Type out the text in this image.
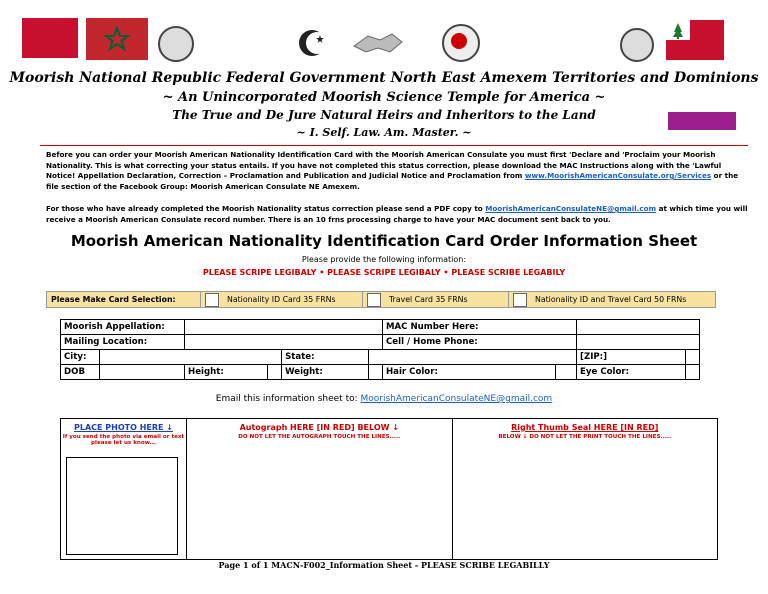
Moorish National Republic Federal Government North East Amexem Territories and Dominions
~ An Unincorporated Moorish Science Temple for America ~
The True and De Jure Natural Heirs and Inheritors to the Land
~ I. Self. Law. Am. Master. ~
Before you can order your Moorish American Nationality Identification Card with the Moorish American Consulate you must first 'Declare and 'Proclaim your Moorish Nationality. This is what correcting your status entails. If you have not completed this status correction, please download the MAC Instructions along with the 'Lawful Notice! Appellation Declaration, Correction – Proclamation and Publication and Judicial Notice and Proclamation from www.MoorishAmericanConsulate.org/Services or the file section of the Facebook Group: Moorish American Consulate NE Amexem.
For those who have already completed the Moorish Nationality status correction please send a PDF copy to MoorishAmericanConsulateNE@gmail.com at which time you will receive a Moorish American Consulate record number. There is an 10 frns processing charge to have your MAC document sent back to you.
Moorish American Nationality Identification Card Order Information Sheet
Please provide the following information:
PLEASE SCRIPE LEGIBALY • PLEASE SCRIPE LEGIBALY • PLEASE SCRIBE LEGABILY
Please Make Card Selection:	Nationality ID Card 35 FRNs	Travel Card 35 FRNs	Nationality ID and Travel Card 50 FRNs
Moorish Appellation:						MAC Number Here:			
Mailing Location:						Cell / Home Phone:			
City:				State:				[ZIP:]	
DOB		Height:		Weight:		Hair Color:		Eye Color:	
Email this information sheet to: MoorishAmericanConsulateNE@gmail.com
PLACE PHOTO HERE ↓
If you send the photo via email or text please let us know...
Autograph HERE [IN RED] BELOW ↓
DO NOT LET THE AUTOGRAPH TOUCH THE LINES.....
Right Thumb Seal HERE [IN RED]
BELOW ↓ DO NOT LET THE PRINT TOUCH THE LINES.....
Page 1 of 1 MACN-F002_Information Sheet - PLEASE SCRIBE LEGABILLY
